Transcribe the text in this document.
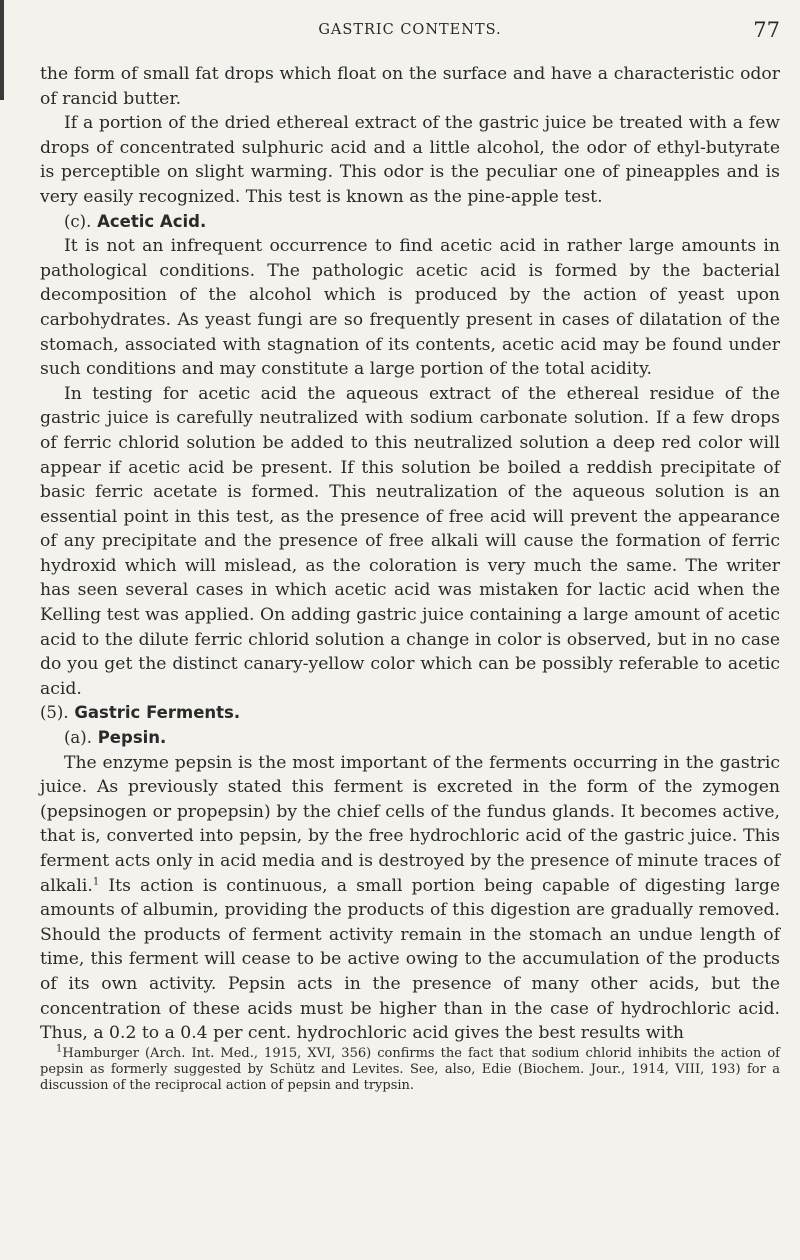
GASTRIC CONTENTS.	77

the form of small fat drops which float on the surface and have a characteristic odor of rancid butter.

If a portion of the dried ethereal extract of the gastric juice be treated with a few drops of concentrated sulphuric acid and a little alcohol, the odor of ethyl-butyrate is perceptible on slight warming. This odor is the peculiar one of pineapples and is very easily recognized. This test is known as the pine-apple test.

(c). Acetic Acid.

It is not an infrequent occurrence to find acetic acid in rather large amounts in pathological conditions. The pathologic acetic acid is formed by the bacterial decomposition of the alcohol which is produced by the action of yeast upon carbohydrates. As yeast fungi are so frequently present in cases of dilatation of the stomach, associated with stagnation of its contents, acetic acid may be found under such conditions and may constitute a large portion of the total acidity.

In testing for acetic acid the aqueous extract of the ethereal residue of the gastric juice is carefully neutralized with sodium carbonate solution. If a few drops of ferric chlorid solution be added to this neutralized solution a deep red color will appear if acetic acid be present. If this solution be boiled a reddish precipitate of basic ferric acetate is formed. This neutralization of the aqueous solution is an essential point in this test, as the presence of free acid will prevent the appearance of any precipitate and the presence of free alkali will cause the formation of ferric hydroxid which will mislead, as the coloration is very much the same. The writer has seen several cases in which acetic acid was mistaken for lactic acid when the Kelling test was applied. On adding gastric juice containing a large amount of acetic acid to the dilute ferric chlorid solution a change in color is observed, but in no case do you get the distinct canary-yellow color which can be possibly referable to acetic acid.

(5). Gastric Ferments.

(a). Pepsin.

The enzyme pepsin is the most important of the ferments occurring in the gastric juice. As previously stated this ferment is excreted in the form of the zymogen (pepsinogen or propepsin) by the chief cells of the fundus glands. It becomes active, that is, converted into pepsin, by the free hydrochloric acid of the gastric juice. This ferment acts only in acid media and is destroyed by the presence of minute traces of alkali.$^1$ Its action is continuous, a small portion being capable of digesting large amounts of albumin, providing the products of this digestion are gradually removed. Should the products of ferment activity remain in the stomach an undue length of time, this ferment will cease to be active owing to the accumulation of the products of its own activity. Pepsin acts in the presence of many other acids, but the concentration of these acids must be higher than in the case of hydrochloric acid. Thus, a 0.2 to a 0.4 per cent. hydrochloric acid gives the best results with

$^1$Hamburger (Arch. Int. Med., 1915, XVI, 356) confirms the fact that sodium chlorid inhibits the action of pepsin as formerly suggested by Schütz and Levites. See, also, Edie (Biochem. Jour., 1914, VIII, 193) for a discussion of the reciprocal action of pepsin and trypsin.
